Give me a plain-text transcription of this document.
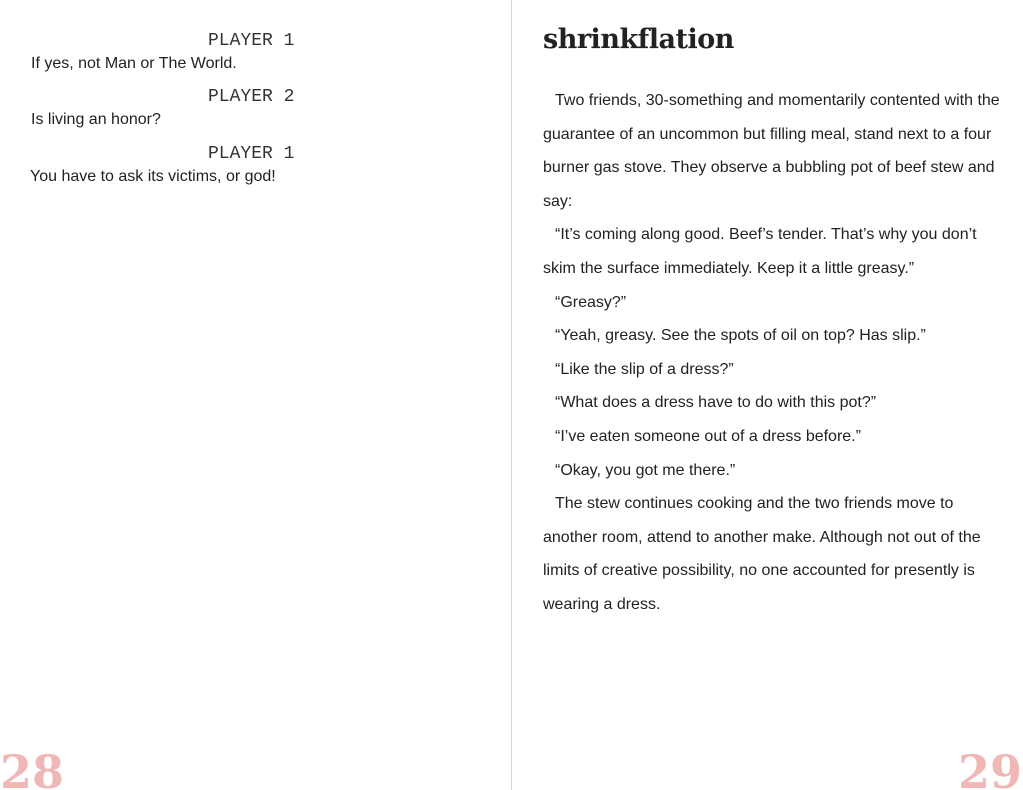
PLAYER 1
If yes, not Man or The World.
PLAYER 2
Is living an honor?
PLAYER 1
You have to ask its victims, or god!
28
shrinkflation

Two friends, 30-something and momentarily contented with the guarantee of an uncommon but filling meal, stand next to a four burner gas stove. They observe a bubbling pot of beef stew and say:

“It’s coming along good. Beef’s tender. That’s why you don’t skim the surface immediately. Keep it a little greasy.”

“Greasy?”

“Yeah, greasy. See the spots of oil on top? Has slip.”

“Like the slip of a dress?”

“What does a dress have to do with this pot?”

“I’ve eaten someone out of a dress before.”

“Okay, you got me there.”

The stew continues cooking and the two friends move to another room, attend to another make. Although not out of the limits of creative possibility, no one accounted for presently is wearing a dress.

29
